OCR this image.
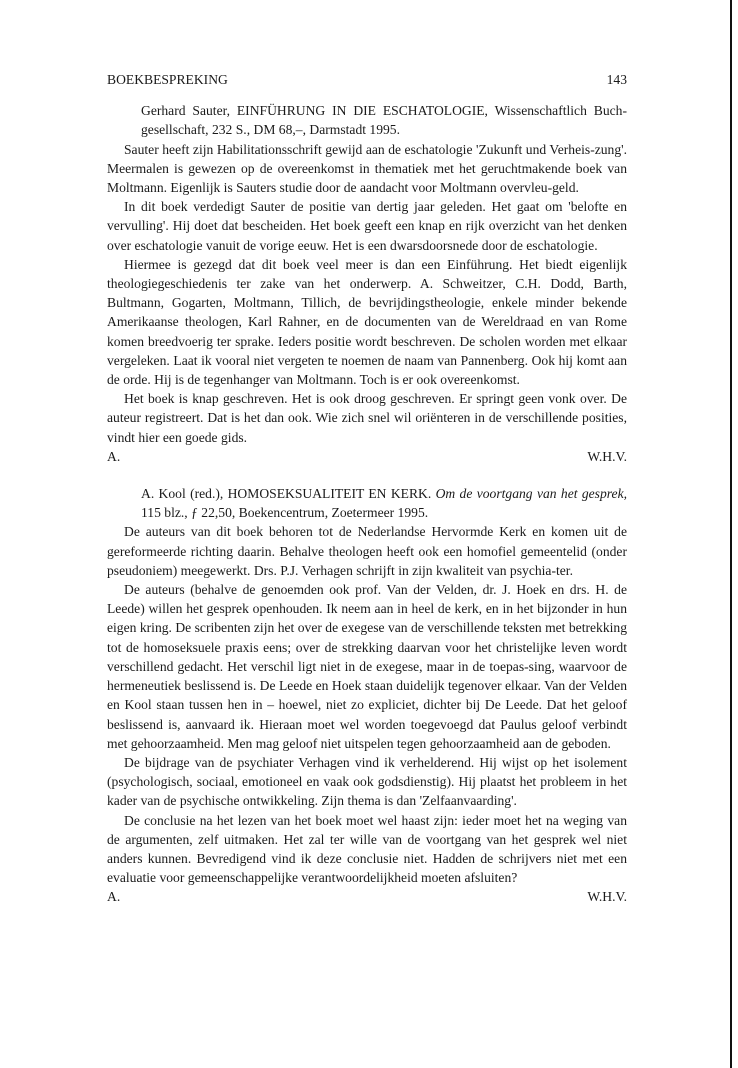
BOEKBESPREKING	143

Gerhard Sauter, EINFÜHRUNG IN DIE ESCHATOLOGIE, Wissenschaftlich Buch-gesellschaft, 232 S., DM 68,–, Darmstadt 1995.

Sauter heeft zijn Habilitationsschrift gewijd aan de eschatologie 'Zukunft und Verheis-zung'. Meermalen is gewezen op de overeenkomst in thematiek met het geruchtmakende boek van Moltmann. Eigenlijk is Sauters studie door de aandacht voor Moltmann overvleu-geld.

In dit boek verdedigt Sauter de positie van dertig jaar geleden. Het gaat om 'belofte en vervulling'. Hij doet dat bescheiden. Het boek geeft een knap en rijk overzicht van het denken over eschatologie vanuit de vorige eeuw. Het is een dwarsdoorsnede door de eschatologie.

Hiermee is gezegd dat dit boek veel meer is dan een Einführung. Het biedt eigenlijk theologiegeschiedenis ter zake van het onderwerp. A. Schweitzer, C.H. Dodd, Barth, Bultmann, Gogarten, Moltmann, Tillich, de bevrijdingstheologie, enkele minder bekende Amerikaanse theologen, Karl Rahner, en de documenten van de Wereldraad en van Rome komen breedvoerig ter sprake. Ieders positie wordt beschreven. De scholen worden met elkaar vergeleken. Laat ik vooral niet vergeten te noemen de naam van Pannenberg. Ook hij komt aan de orde. Hij is de tegenhanger van Moltmann. Toch is er ook overeenkomst.

Het boek is knap geschreven. Het is ook droog geschreven. Er springt geen vonk over. De auteur registreert. Dat is het dan ook. Wie zich snel wil oriënteren in de verschillende posities, vindt hier een goede gids.

A.	W.H.V.

A. Kool (red.), HOMOSEKSUALITEIT EN KERK. Om de voortgang van het gesprek, 115 blz., ƒ 22,50, Boekencentrum, Zoetermeer 1995.

De auteurs van dit boek behoren tot de Nederlandse Hervormde Kerk en komen uit de gereformeerde richting daarin. Behalve theologen heeft ook een homofiel gemeentelid (onder pseudoniem) meegewerkt. Drs. P.J. Verhagen schrijft in zijn kwaliteit van psychia-ter.

De auteurs (behalve de genoemden ook prof. Van der Velden, dr. J. Hoek en drs. H. de Leede) willen het gesprek openhouden. Ik neem aan in heel de kerk, en in het bijzonder in hun eigen kring. De scribenten zijn het over de exegese van de verschillende teksten met betrekking tot de homoseksuele praxis eens; over de strekking daarvan voor het christelijke leven wordt verschillend gedacht. Het verschil ligt niet in de exegese, maar in de toepas-sing, waarvoor de hermeneutiek beslissend is. De Leede en Hoek staan duidelijk tegenover elkaar. Van der Velden en Kool staan tussen hen in – hoewel, niet zo expliciet, dichter bij De Leede. Dat het geloof beslissend is, aanvaard ik. Hieraan moet wel worden toegevoegd dat Paulus geloof verbindt met gehoorzaamheid. Men mag geloof niet uitspelen tegen gehoorzaamheid aan de geboden.

De bijdrage van de psychiater Verhagen vind ik verhelderend. Hij wijst op het isolement (psychologisch, sociaal, emotioneel en vaak ook godsdienstig). Hij plaatst het probleem in het kader van de psychische ontwikkeling. Zijn thema is dan 'Zelfaanvaarding'.

De conclusie na het lezen van het boek moet wel haast zijn: ieder moet het na weging van de argumenten, zelf uitmaken. Het zal ter wille van de voortgang van het gesprek wel niet anders kunnen. Bevredigend vind ik deze conclusie niet. Hadden de schrijvers niet met een evaluatie voor gemeenschappelijke verantwoordelijkheid moeten afsluiten?

A.	W.H.V.
